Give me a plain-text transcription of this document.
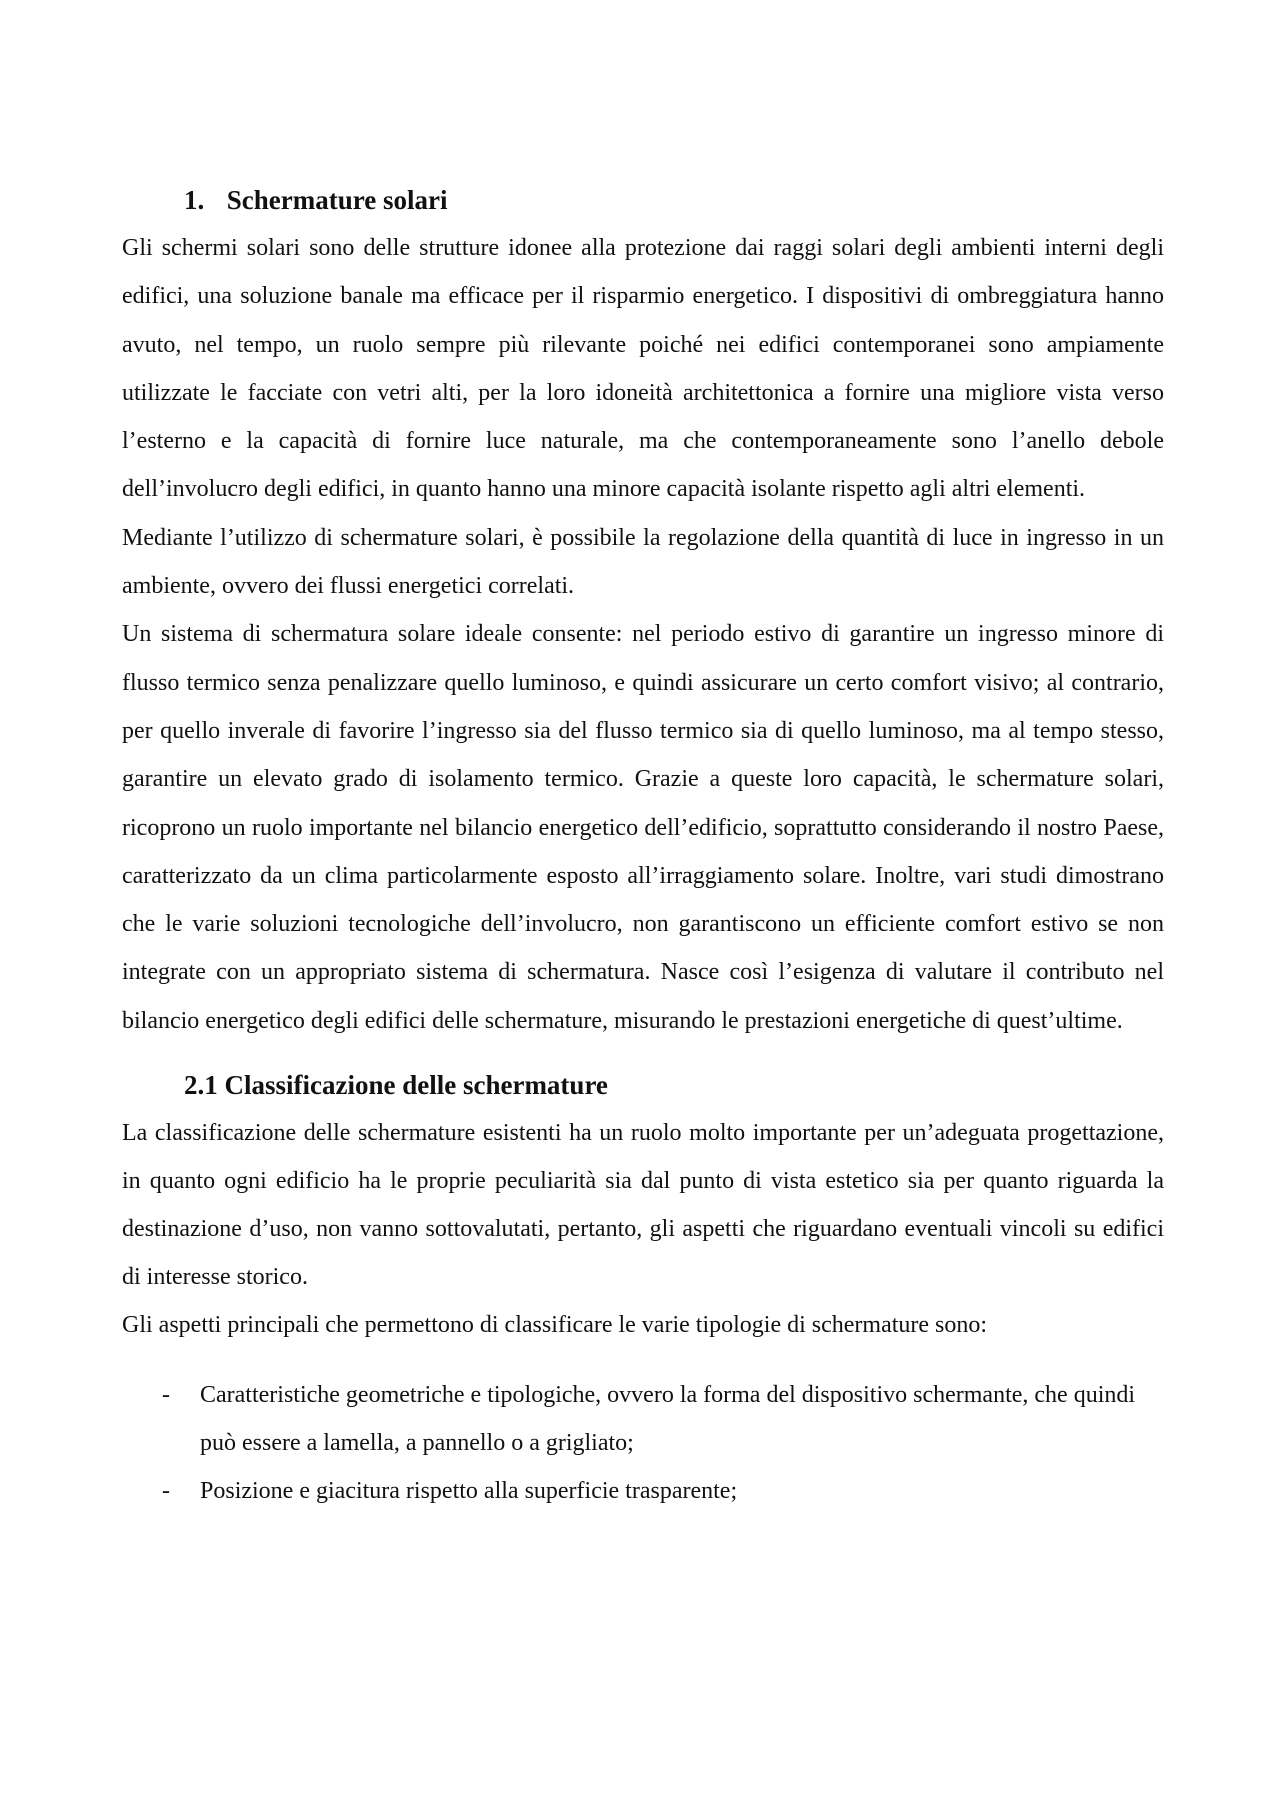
1. Schermature solari

Gli schermi solari sono delle strutture idonee alla protezione dai raggi solari degli ambienti interni degli edifici, una soluzione banale ma efficace per il risparmio energetico. I dispositivi di ombreggiatura hanno avuto, nel tempo, un ruolo sempre più rilevante poiché nei edifici contemporanei sono ampiamente utilizzate le facciate con vetri alti, per la loro idoneità architettonica a fornire una migliore vista verso l’esterno e la capacità di fornire luce naturale, ma che contemporaneamente sono l’anello debole dell’involucro degli edifici, in quanto hanno una minore capacità isolante rispetto agli altri elementi.

Mediante l’utilizzo di schermature solari, è possibile la regolazione della quantità di luce in ingresso in un ambiente, ovvero dei flussi energetici correlati.

Un sistema di schermatura solare ideale consente: nel periodo estivo di garantire un ingresso minore di flusso termico senza penalizzare quello luminoso, e quindi assicurare un certo comfort visivo; al contrario, per quello inverale di favorire l’ingresso sia del flusso termico sia di quello luminoso, ma al tempo stesso, garantire un elevato grado di isolamento termico. Grazie a queste loro capacità, le schermature solari, ricoprono un ruolo importante nel bilancio energetico dell’edificio, soprattutto considerando il nostro Paese, caratterizzato da un clima particolarmente esposto all’irraggiamento solare. Inoltre, vari studi dimostrano che le varie soluzioni tecnologiche dell’involucro, non garantiscono un efficiente comfort estivo se non integrate con un appropriato sistema di schermatura. Nasce così l’esigenza di valutare il contributo nel bilancio energetico degli edifici delle schermature, misurando le prestazioni energetiche di quest’ultime.

2.1 Classificazione delle schermature

La classificazione delle schermature esistenti ha un ruolo molto importante per un’adeguata progettazione, in quanto ogni edificio ha le proprie peculiarità sia dal punto di vista estetico sia per quanto riguarda la destinazione d’uso, non vanno sottovalutati, pertanto, gli aspetti che riguardano eventuali vincoli su edifici di interesse storico.

Gli aspetti principali che permettono di classificare le varie tipologie di schermature sono:

- Caratteristiche geometriche e tipologiche, ovvero la forma del dispositivo schermante, che quindi può essere a lamella, a pannello o a grigliato;
- Posizione e giacitura rispetto alla superficie trasparente;
